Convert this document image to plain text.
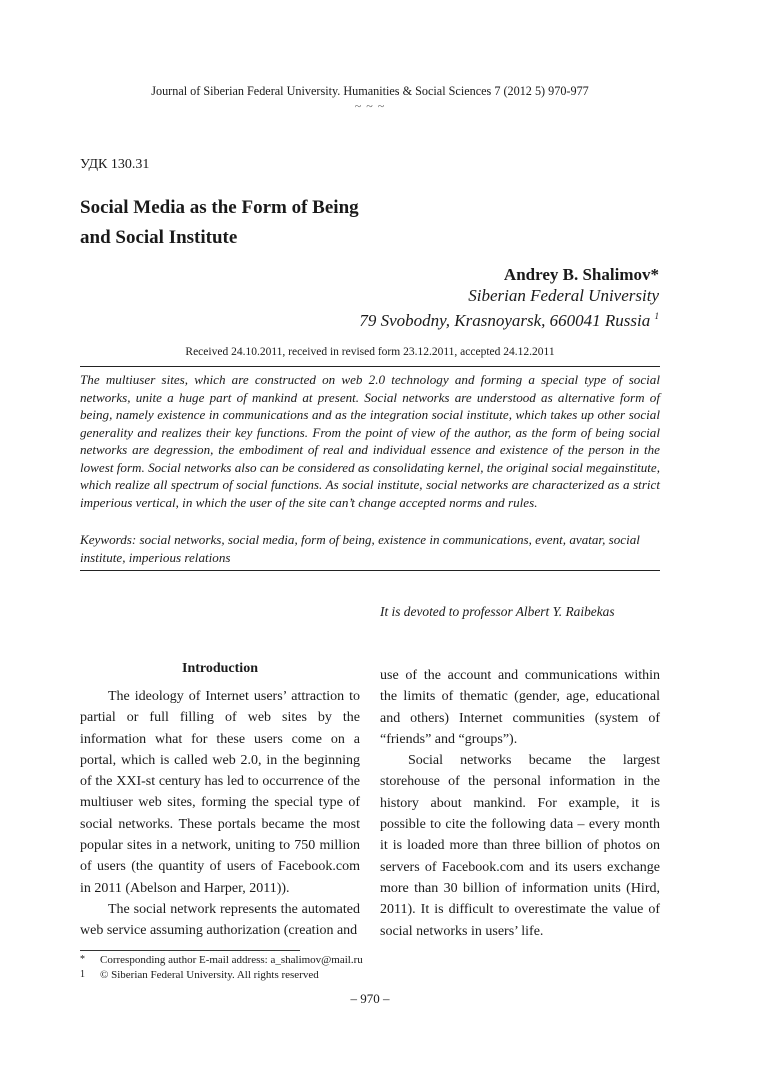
Journal of Siberian Federal University. Humanities & Social Sciences 7 (2012 5) 970-977
~ ~ ~
УДК 130.31
Social Media as the Form of Being
and Social Institute
Andrey B. Shalimov*
Siberian Federal University
79 Svobodny, Krasnoyarsk, 660041 Russia $^1$
Received 24.10.2011, received in revised form 23.12.2011, accepted 24.12.2011
The multiuser sites, which are constructed on web 2.0 technology and forming a special type of social networks, unite a huge part of mankind at present. Social networks are understood as alternative form of being, namely existence in communications and as the integration social institute, which takes up other social generality and realizes their key functions. From the point of view of the author, as the form of being social networks are degression, the embodiment of real and individual essence and existence of the person in the lowest form. Social networks also can be considered as consolidating kernel, the original social megainstitute, which realize all spectrum of social functions. As social institute, social networks are characterized as a strict imperious vertical, in which the user of the site can’t change accepted norms and rules.
Keywords: social networks, social media, form of being, existence in communications, event, avatar, social institute, imperious relations
It is devoted to professor Albert Y. Raibekas
Introduction

The ideology of Internet users’ attraction to partial or full filling of web sites by the information what for these users come on a portal, which is called web 2.0, in the beginning of the XXI-st century has led to occurrence of the multiuser web sites, forming the special type of social networks. These portals became the most popular sites in a network, uniting to 750 million of users (the quantity of users of Facebook.com in 2011 (Abelson and Harper, 2011)).

The social network represents the automated web service assuming authorization (creation and

use of the account and communications within the limits of thematic (gender, age, educational and others) Internet communities (system of “friends” and “groups”).

Social networks became the largest storehouse of the personal information in the history about mankind. For example, it is possible to cite the following data – every month it is loaded more than three billion of photos on servers of Facebook.com and its users exchange more than 30 billion of information units (Hird, 2011). It is difficult to overestimate the value of social networks in users’ life.

* Corresponding author E-mail address: a_shalimov@mail.ru
1 © Siberian Federal University. All rights reserved
– 970 –
